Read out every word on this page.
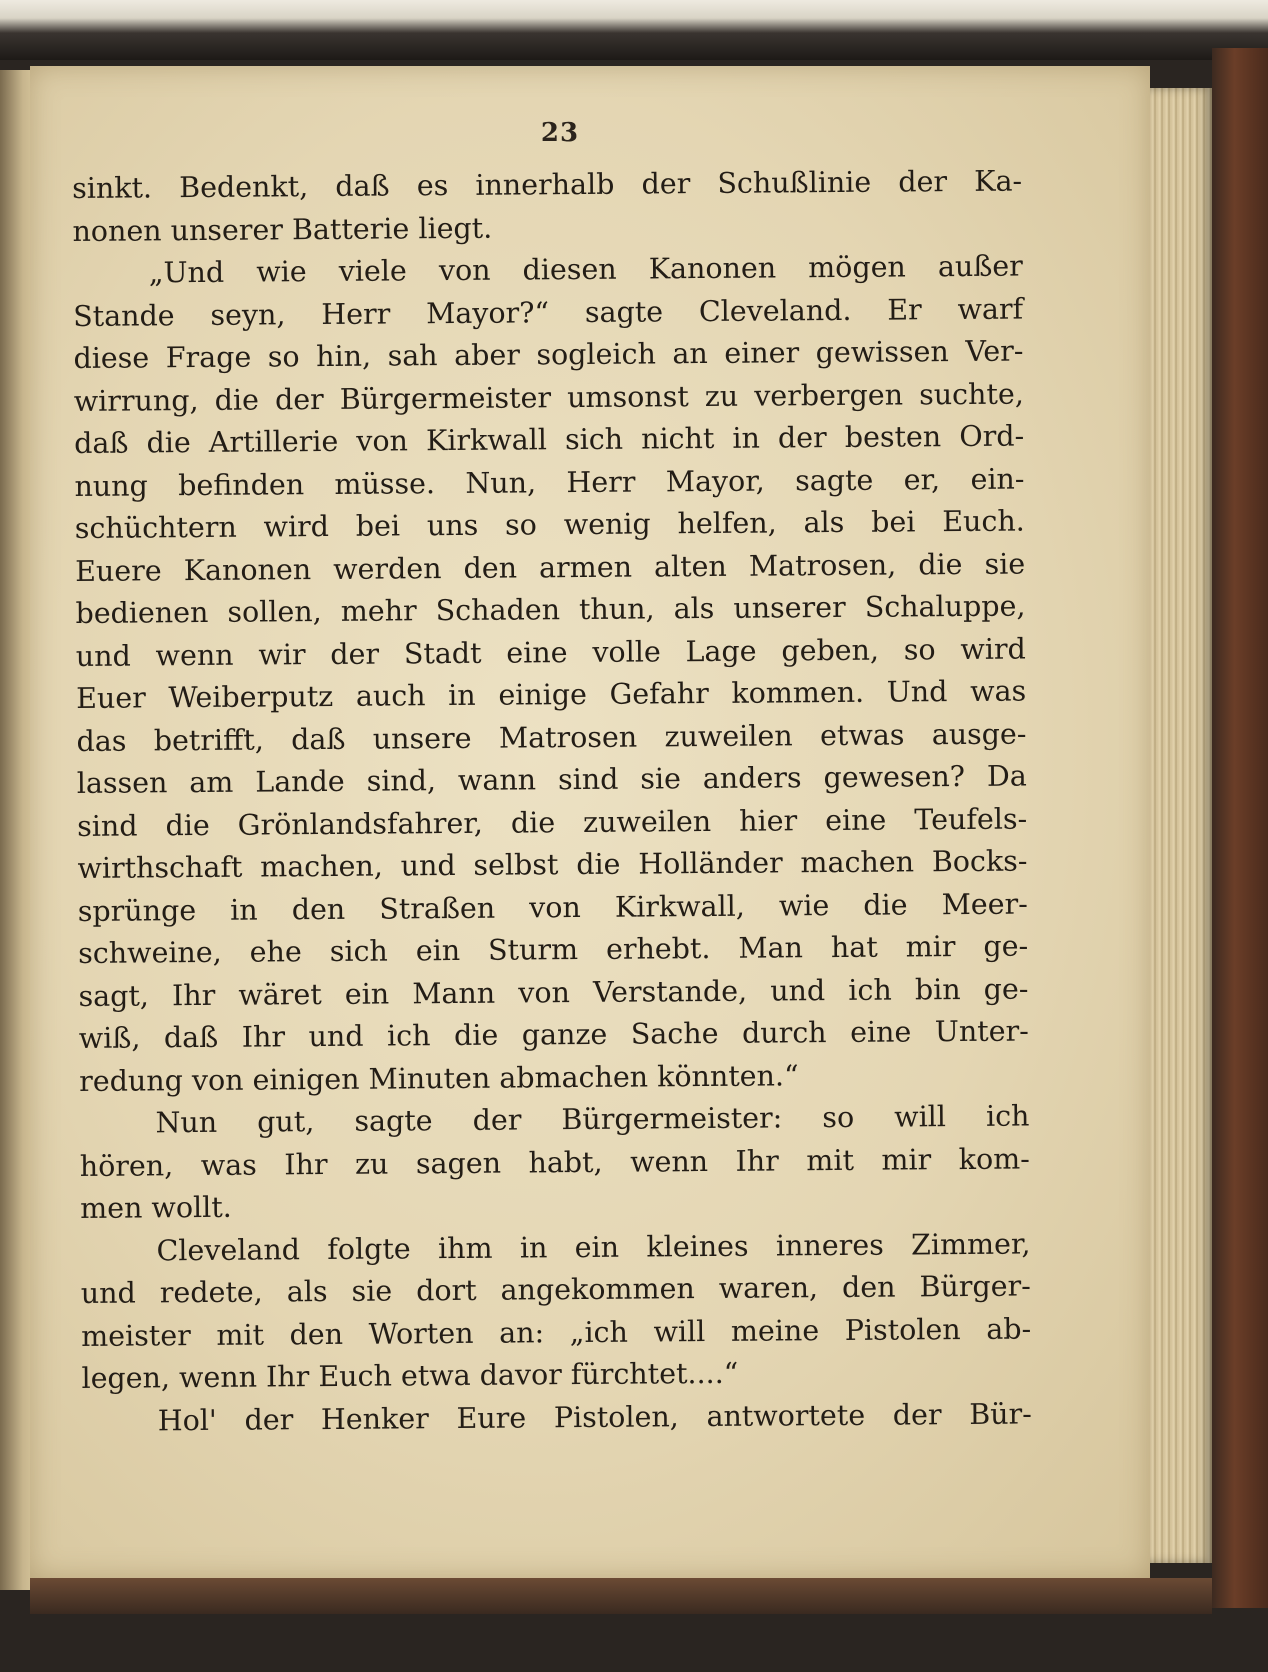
23
sinkt. Bedenkt, daß es innerhalb der Schußlinie der Ka-
nonen unserer Batterie liegt.
„Und wie viele von diesen Kanonen mögen außer
Stande seyn, Herr Mayor?“ sagte Cleveland. Er warf
diese Frage so hin, sah aber sogleich an einer gewissen Ver-
wirrung, die der Bürgermeister umsonst zu verbergen suchte,
daß die Artillerie von Kirkwall sich nicht in der besten Ord-
nung befinden müsse. Nun, Herr Mayor, sagte er, ein-
schüchtern wird bei uns so wenig helfen, als bei Euch.
Euere Kanonen werden den armen alten Matrosen, die sie
bedienen sollen, mehr Schaden thun, als unserer Schaluppe,
und wenn wir der Stadt eine volle Lage geben, so wird
Euer Weiberputz auch in einige Gefahr kommen. Und was
das betrifft, daß unsere Matrosen zuweilen etwas ausge-
lassen am Lande sind, wann sind sie anders gewesen? Da
sind die Grönlandsfahrer, die zuweilen hier eine Teufels-
wirthschaft machen, und selbst die Holländer machen Bocks-
sprünge in den Straßen von Kirkwall, wie die Meer-
schweine, ehe sich ein Sturm erhebt. Man hat mir ge-
sagt, Ihr wäret ein Mann von Verstande, und ich bin ge-
wiß, daß Ihr und ich die ganze Sache durch eine Unter-
redung von einigen Minuten abmachen könnten.“
Nun gut, sagte der Bürgermeister: so will ich
hören, was Ihr zu sagen habt, wenn Ihr mit mir kom-
men wollt.
Cleveland folgte ihm in ein kleines inneres Zimmer,
und redete, als sie dort angekommen waren, den Bürger-
meister mit den Worten an: „ich will meine Pistolen ab-
legen, wenn Ihr Euch etwa davor fürchtet....“
Hol' der Henker Eure Pistolen, antwortete der Bür-
